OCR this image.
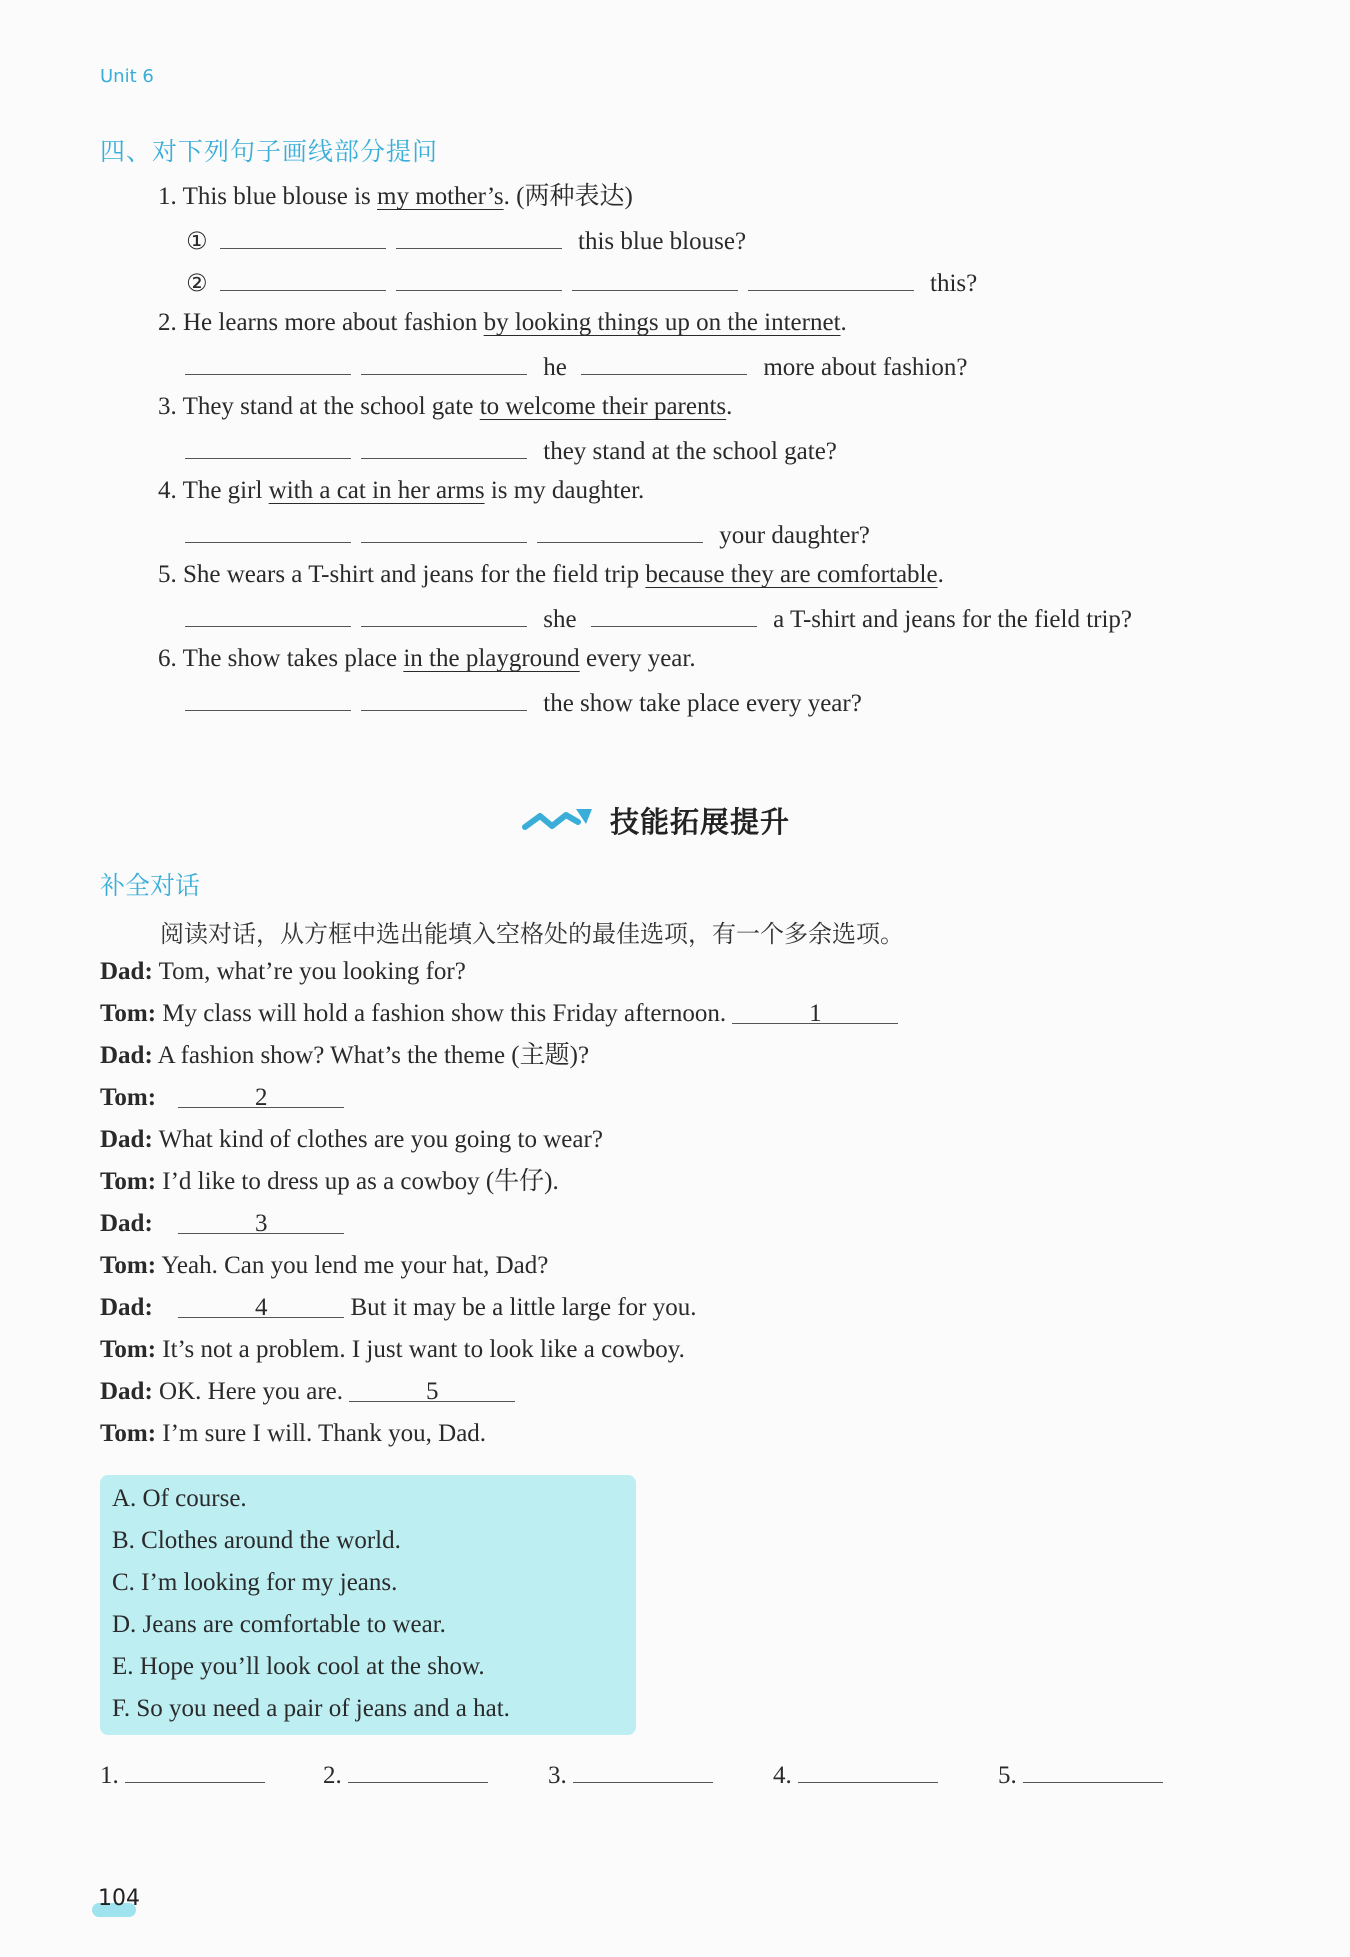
Unit 6
四、对下列句子画线部分提问
1. This blue blouse is my mother’s. (两种表达)
①	this blue blouse?
②	this?
2. He learns more about fashion by looking things up on the internet.
he	more about fashion?
3. They stand at the school gate to welcome their parents.
they stand at the school gate?
4. The girl with a cat in her arms is my daughter.
your daughter?
5. She wears a T-shirt and jeans for the field trip because they are comfortable.
she	a T-shirt and jeans for the field trip?
6. The show takes place in the playground every year.
the show take place every year?
技能拓展提升
补全对话
阅读对话，从方框中选出能填入空格处的最佳选项，有一个多余选项。
Dad: Tom, what’re you looking for?
Tom: My class will hold a fashion show this Friday afternoon.	1
Dad: A fashion show? What’s the theme (主题)?
Tom:	2
Dad: What kind of clothes are you going to wear?
Tom: I’d like to dress up as a cowboy (牛仔).
Dad:	3
Tom: Yeah. Can you lend me your hat, Dad?
Dad:	4	But it may be a little large for you.
Tom: It’s not a problem. I just want to look like a cowboy.
Dad: OK. Here you are.	5
Tom: I’m sure I will. Thank you, Dad.
A. Of course.
B. Clothes around the world.
C. I’m looking for my jeans.
D. Jeans are comfortable to wear.
E. Hope you’ll look cool at the show.
F. So you need a pair of jeans and a hat.
1.	2.	3.	4.	5.
104
